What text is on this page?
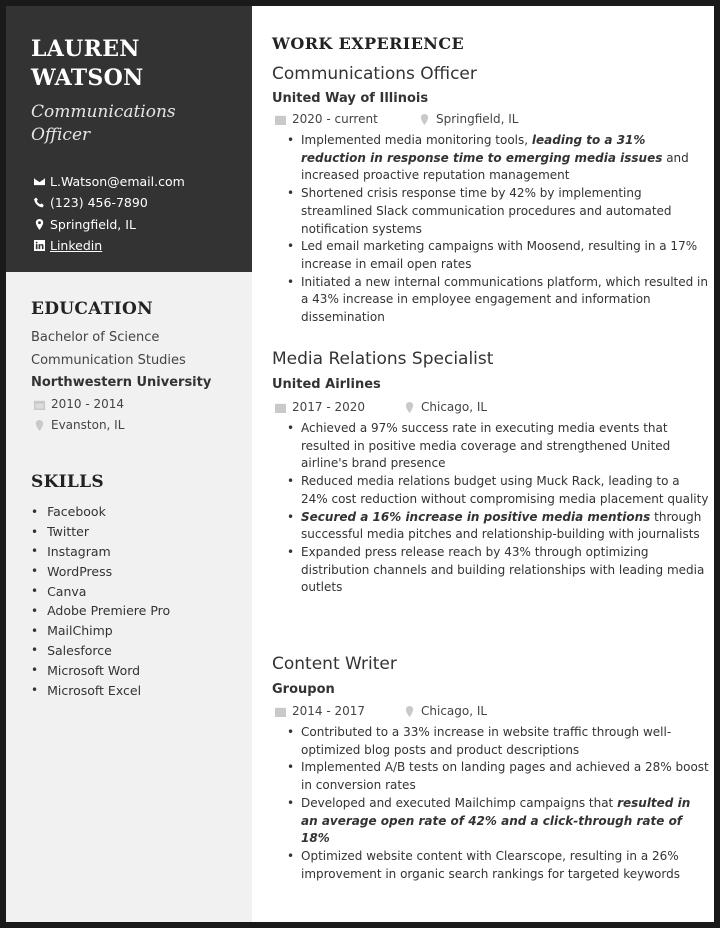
LAUREN
WATSON
Communications
Officer
L.Watson@email.com
(123) 456-7890
Springfield, IL
Linkedin
EDUCATION
Bachelor of Science
Communication Studies
Northwestern University
2010 - 2014
Evanston, IL
SKILLS
• Facebook
• Twitter
• Instagram
• WordPress
• Canva
• Adobe Premiere Pro
• MailChimp
• Salesforce
• Microsoft Word
• Microsoft Excel
WORK EXPERIENCE
Communications Officer
United Way of Illinois
2020 - current	Springfield, IL
• Implemented media monitoring tools, leading to a 31% reduction in response time to emerging media issues and increased proactive reputation management
• Shortened crisis response time by 42% by implementing streamlined Slack communication procedures and automated notification systems
• Led email marketing campaigns with Moosend, resulting in a 17% increase in email open rates
• Initiated a new internal communications platform, which resulted in a 43% increase in employee engagement and information dissemination
Media Relations Specialist
United Airlines
2017 - 2020	Chicago, IL
• Achieved a 97% success rate in executing media events that resulted in positive media coverage and strengthened United airline's brand presence
• Reduced media relations budget using Muck Rack, leading to a 24% cost reduction without compromising media placement quality
• Secured a 16% increase in positive media mentions through successful media pitches and relationship-building with journalists
• Expanded press release reach by 43% through optimizing distribution channels and building relationships with leading media outlets
Content Writer
Groupon
2014 - 2017	Chicago, IL
• Contributed to a 33% increase in website traffic through well-optimized blog posts and product descriptions
• Implemented A/B tests on landing pages and achieved a 28% boost in conversion rates
• Developed and executed Mailchimp campaigns that resulted in an average open rate of 42% and a click-through rate of 18%
• Optimized website content with Clearscope, resulting in a 26% improvement in organic search rankings for targeted keywords
